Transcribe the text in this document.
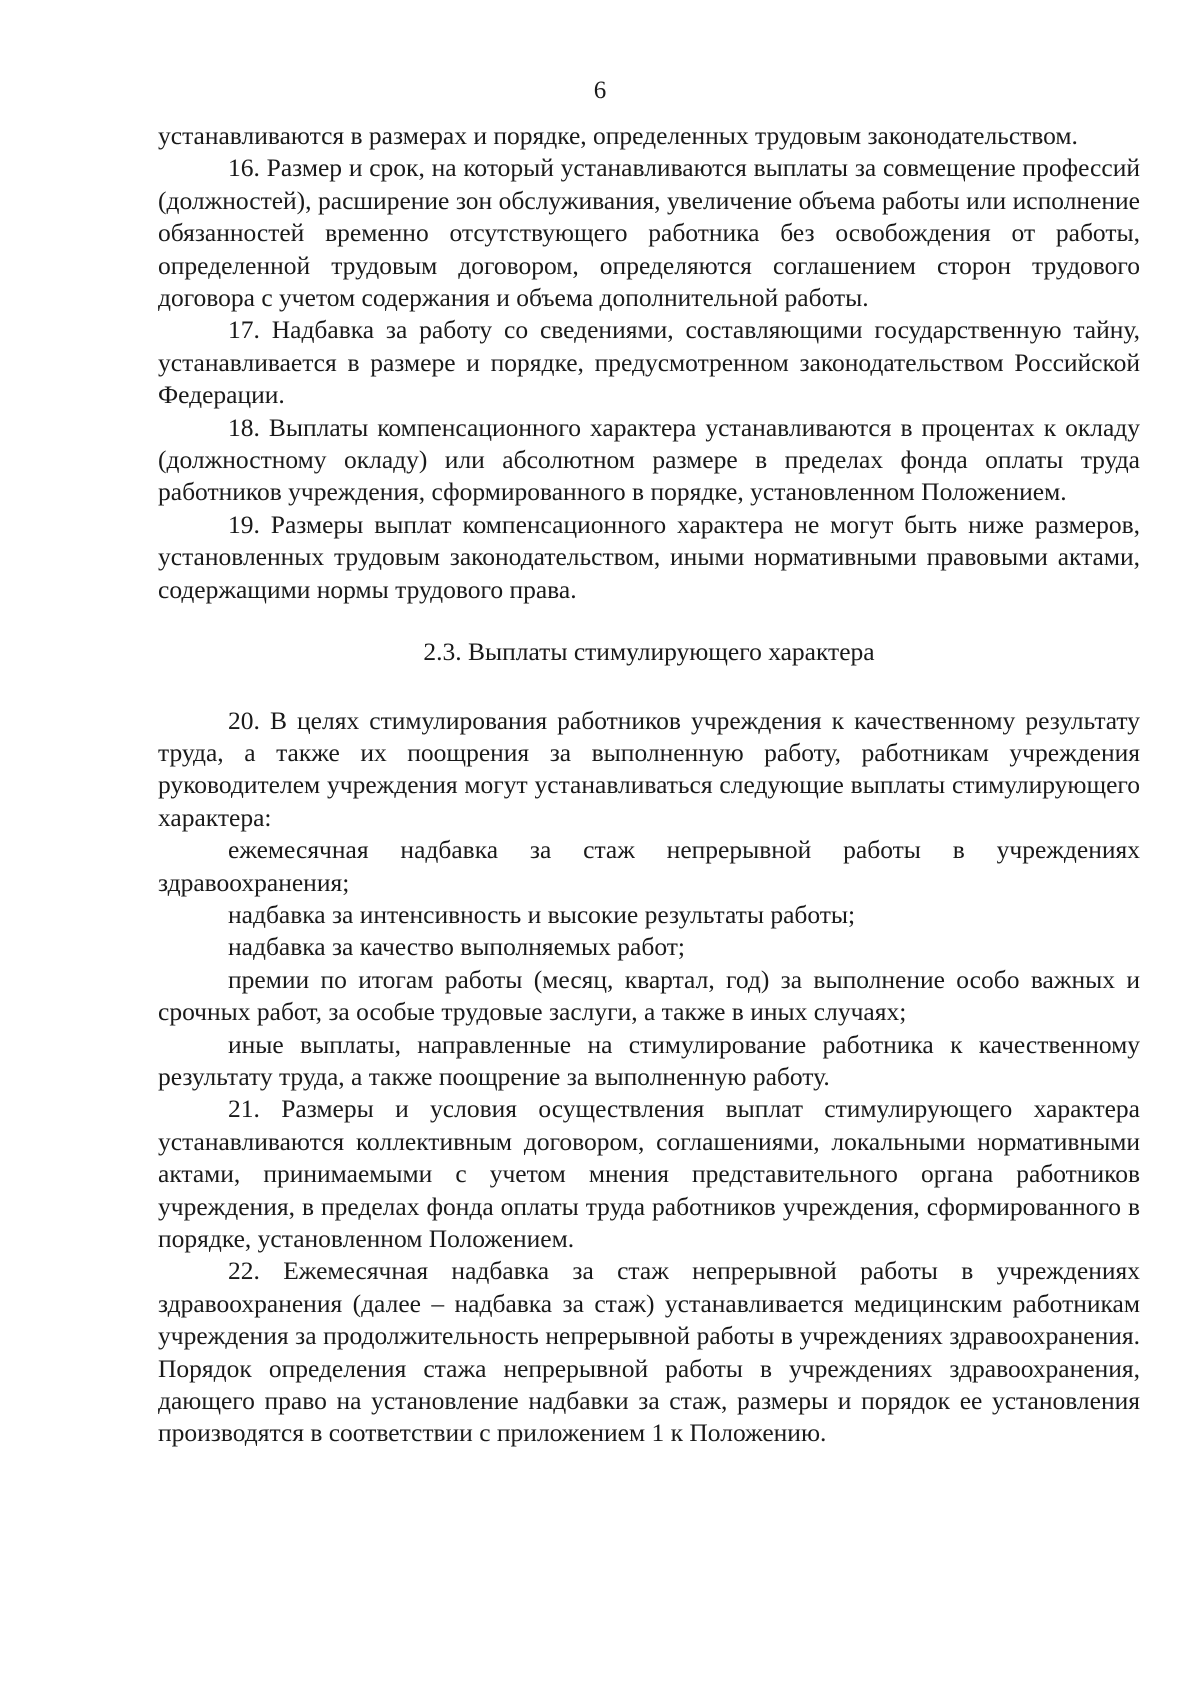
6

устанавливаются в размерах и порядке, определенных трудовым законодательством.

16. Размер и срок, на который устанавливаются выплаты за совмещение профессий (должностей), расширение зон обслуживания, увеличение объема работы или исполнение обязанностей временно отсутствующего работника без освобождения от работы, определенной трудовым договором, определяются соглашением сторон трудового договора с учетом содержания и объема дополнительной работы.

17. Надбавка за работу со сведениями, составляющими государственную тайну, устанавливается в размере и порядке, предусмотренном законодательством Российской Федерации.

18. Выплаты компенсационного характера устанавливаются в процентах к окладу (должностному окладу) или абсолютном размере в пределах фонда оплаты труда работников учреждения, сформированного в порядке, установленном Положением.

19. Размеры выплат компенсационного характера не могут быть ниже размеров, установленных трудовым законодательством, иными нормативными правовыми актами, содержащими нормы трудового права.

2.3. Выплаты стимулирующего характера

20. В целях стимулирования работников учреждения к качественному результату труда, а также их поощрения за выполненную работу, работникам учреждения руководителем учреждения могут устанавливаться следующие выплаты стимулирующего характера:

ежемесячная надбавка за стаж непрерывной работы в учреждениях здравоохранения;

надбавка за интенсивность и высокие результаты работы;

надбавка за качество выполняемых работ;

премии по итогам работы (месяц, квартал, год) за выполнение особо важных и срочных работ, за особые трудовые заслуги, а также в иных случаях;

иные выплаты, направленные на стимулирование работника к качественному результату труда, а также поощрение за выполненную работу.

21. Размеры и условия осуществления выплат стимулирующего характера устанавливаются коллективным договором, соглашениями, локальными нормативными актами, принимаемыми с учетом мнения представительного органа работников учреждения, в пределах фонда оплаты труда работников учреждения, сформированного в порядке, установленном Положением.

22. Ежемесячная надбавка за стаж непрерывной работы в учреждениях здравоохранения (далее – надбавка за стаж) устанавливается медицинским работникам учреждения за продолжительность непрерывной работы в учреждениях здравоохранения. Порядок определения стажа непрерывной работы в учреждениях здравоохранения, дающего право на установление надбавки за стаж, размеры и порядок ее установления производятся в соответствии с приложением 1 к Положению.
